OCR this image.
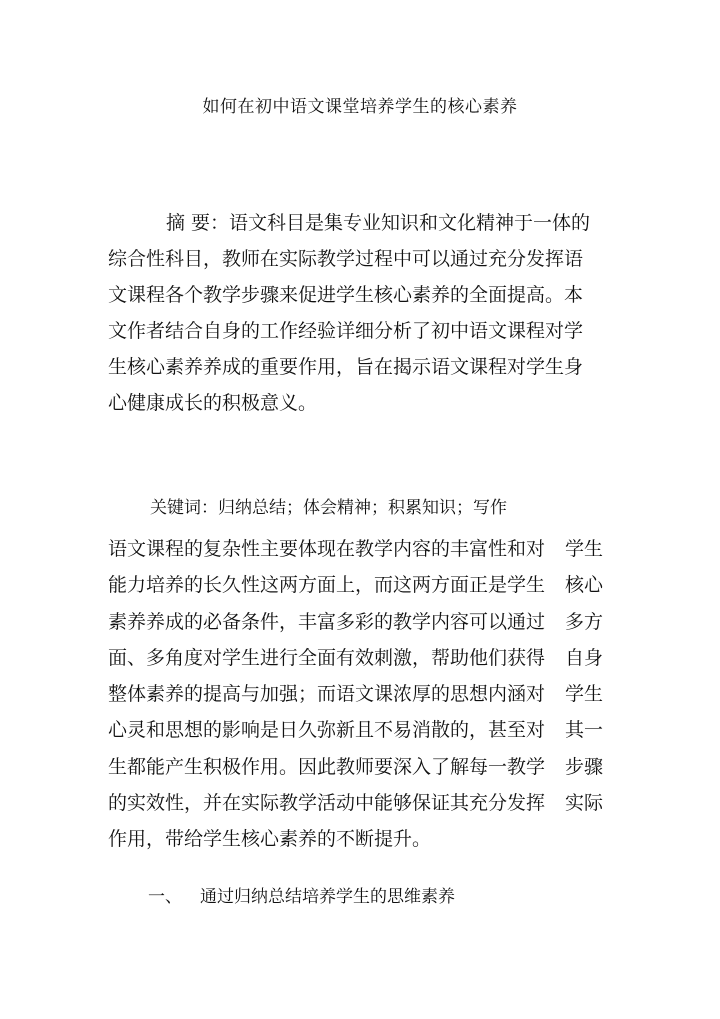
如何在初中语文课堂培养学生的核心素养

摘 要：语文科目是集专业知识和文化精神于一体的

综合性科目，教师在实际教学过程中可以通过充分发挥语

文课程各个教学步骤来促进学生核心素养的全面提高。本

文作者结合自身的工作经验详细分析了初中语文课程对学

生核心素养养成的重要作用，旨在揭示语文课程对学生身

心健康成长的积极意义。

关键词：归纳总结；体会精神；积累知识；写作
语文课程的复杂性主要体现在教学内容的丰富性和对 学生
能力培养的长久性这两方面上，而这两方面正是学生 核心
素养养成的必备条件，丰富多彩的教学内容可以通过 多方
面、多角度对学生进行全面有效刺激，帮助他们获得 自身
整体素养的提高与加强；而语文课浓厚的思想内涵对 学生
心灵和思想的影响是日久弥新且不易消散的，甚至对 其一
生都能产生积极作用。因此教师要深入了解每一教学 步骤
的实效性，并在实际教学活动中能够保证其充分发挥 实际
作用，带给学生核心素养的不断提升。
一、 通过归纳总结培养学生的思维素养
